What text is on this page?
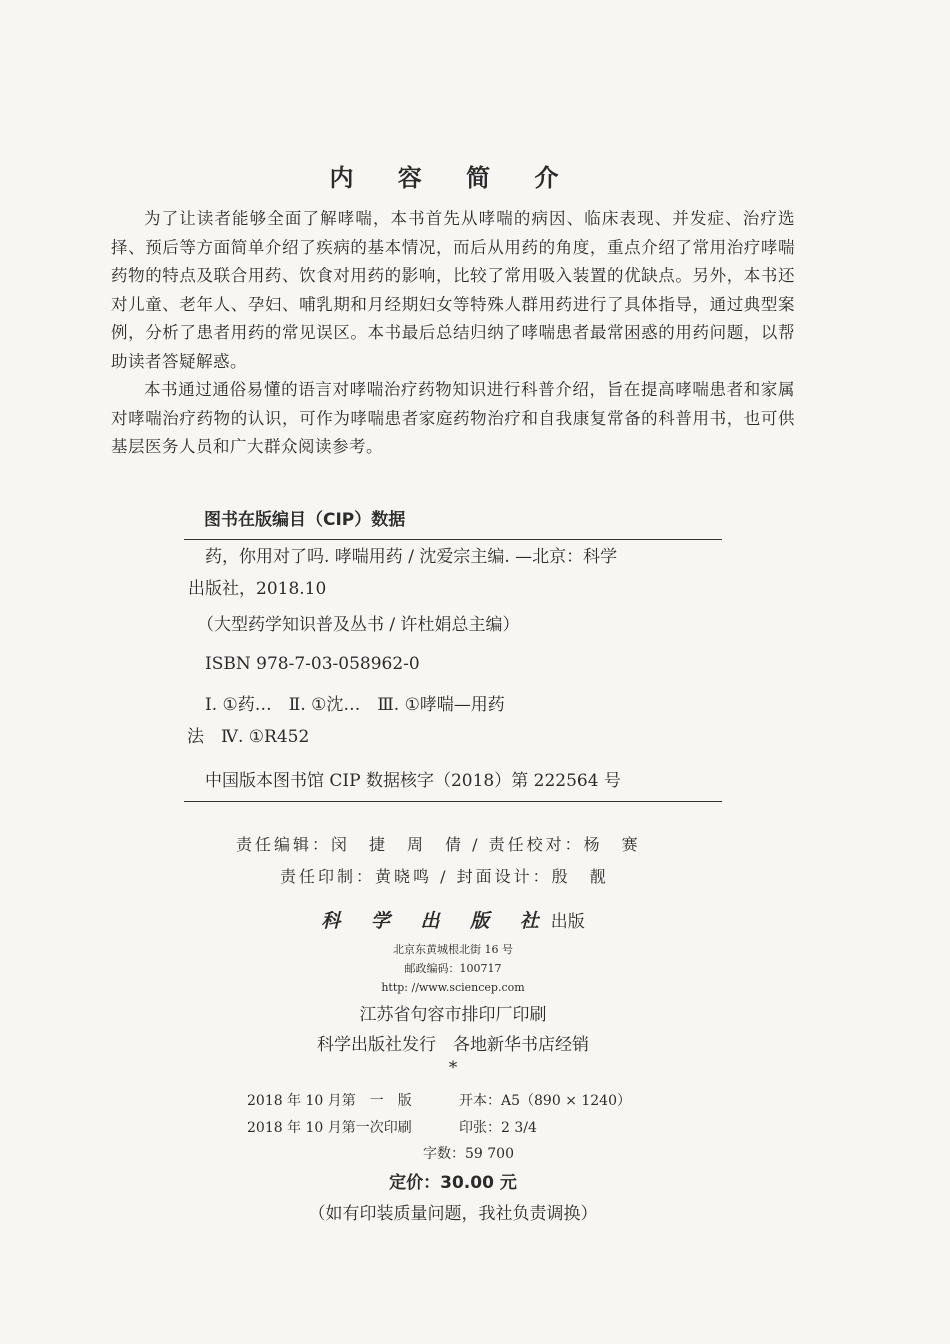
内 容 简 介

为了让读者能够全面了解哮喘，本书首先从哮喘的病因、临床表现、并发症、治疗选择、预后等方面简单介绍了疾病的基本情况，而后从用药的角度，重点介绍了常用治疗哮喘药物的特点及联合用药、饮食对用药的影响，比较了常用吸入装置的优缺点。另外，本书还对儿童、老年人、孕妇、哺乳期和月经期妇女等特殊人群用药进行了具体指导，通过典型案例，分析了患者用药的常见误区。本书最后总结归纳了哮喘患者最常困惑的用药问题，以帮助读者答疑解惑。

本书通过通俗易懂的语言对哮喘治疗药物知识进行科普介绍，旨在提高哮喘患者和家属对哮喘治疗药物的认识，可作为哮喘患者家庭药物治疗和自我康复常备的科普用书，也可供基层医务人员和广大群众阅读参考。

图书在版编目（CIP）数据
药，你用对了吗. 哮喘用药 / 沈爱宗主编. —北京：科学
出版社，2018.10
（大型药学知识普及丛书 / 许杜娟总主编）
ISBN 978-7-03-058962-0
Ⅰ. ①药…　Ⅱ. ①沈…　Ⅲ. ①哮喘—用药
法　Ⅳ. ①R452
中国版本图书馆 CIP 数据核字（2018）第 222564 号
责任编辑：闵　捷　周　倩 / 责任校对：杨　赛
责任印制：黄晓鸣 / 封面设计：殷　靓
科 学 出 版 社出版
北京东黄城根北街 16 号
邮政编码：100717
http: //www.sciencep.com
江苏省句容市排印厂印刷
科学出版社发行　各地新华书店经销
*
2018 年 10 月第　一　版	开本：A5（890 × 1240）
2018 年 10 月第一次印刷	印张：2 3/4
字数：59 700
定价：30.00 元
（如有印装质量问题，我社负责调换）
